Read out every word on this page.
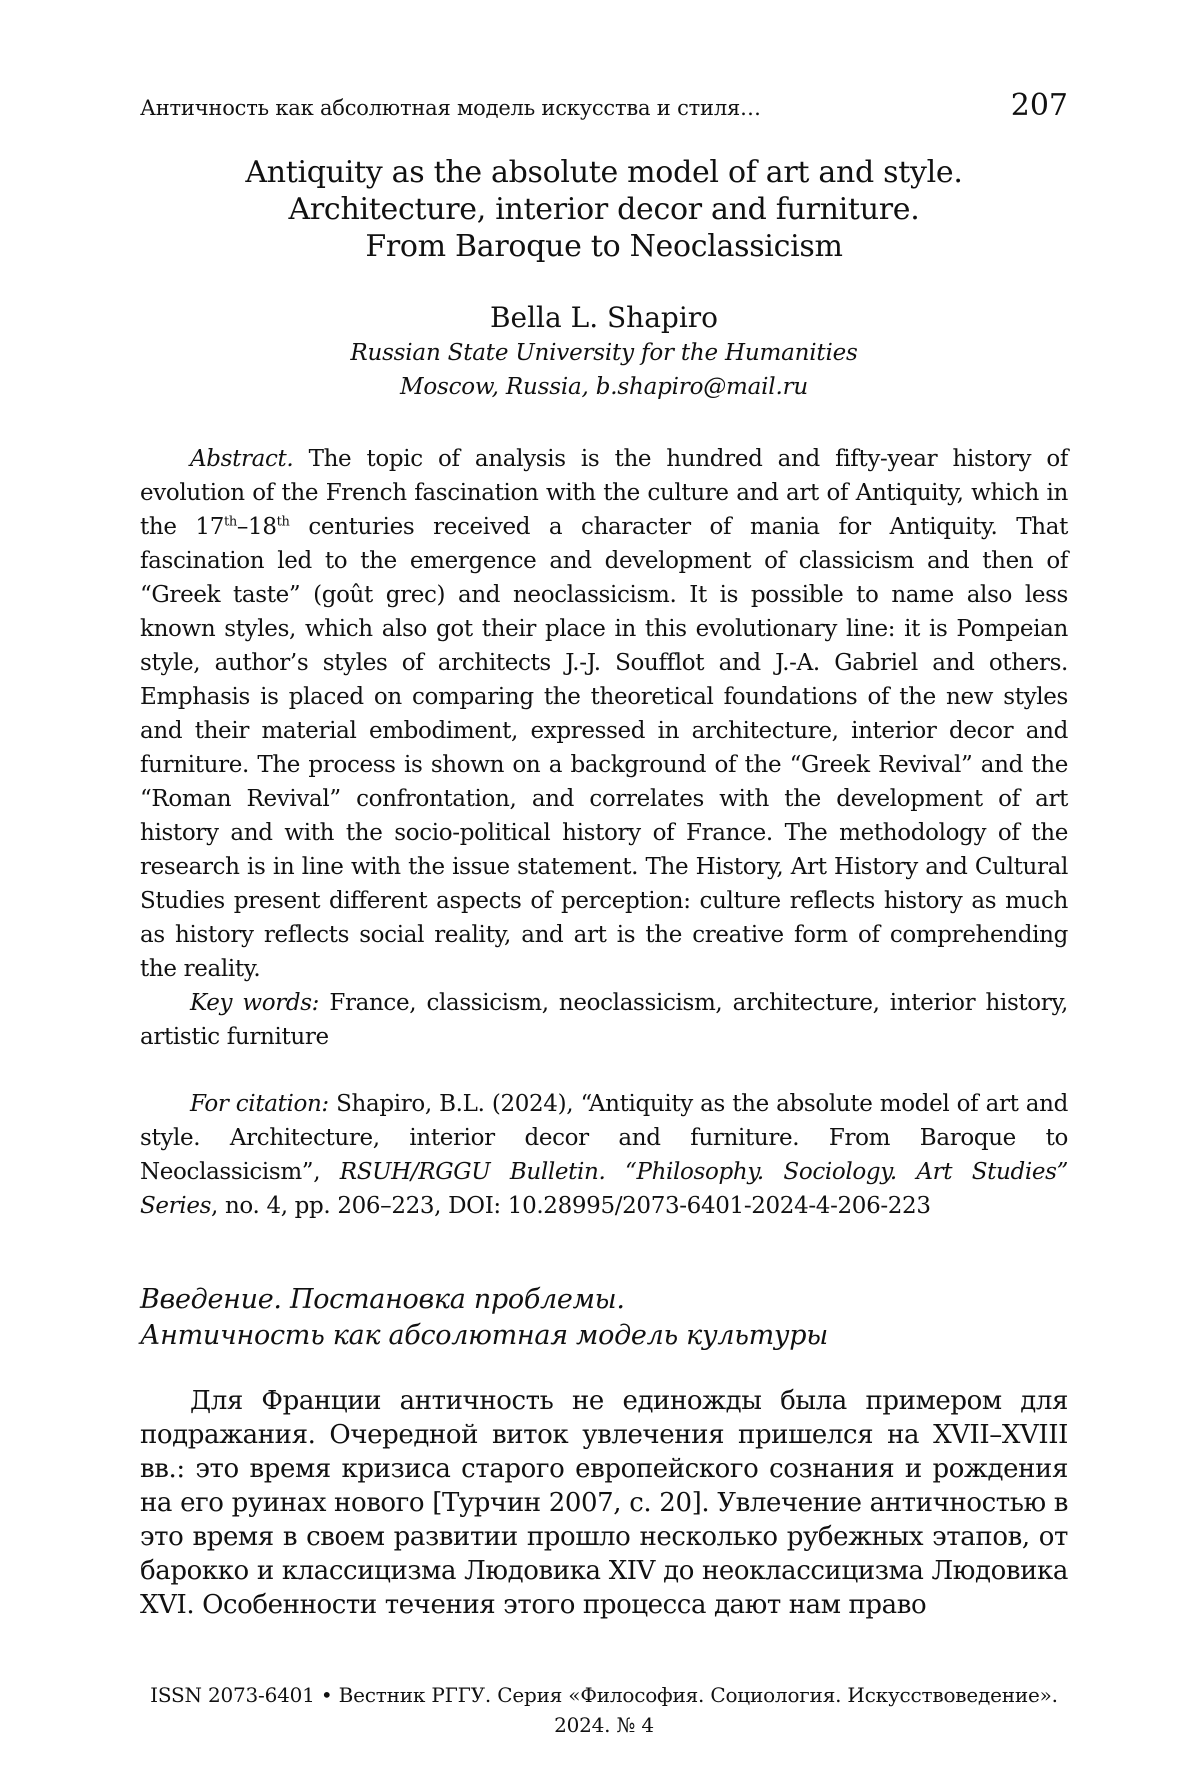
Античность как абсолютная модель искусства и стиля…	207
Antiquity as the absolute model of art and style.
Architecture, interior decor and furniture.
From Baroque to Neoclassicism
Bella L. Shapiro
Russian State University for the Humanities
Moscow, Russia, b.shapiro@mail.ru

Abstract. The topic of analysis is the hundred and fifty-year history of evolution of the French fascination with the culture and art of Antiquity, which in the 17th–18th centuries received a character of mania for Antiquity. That fascination led to the emergence and development of classicism and then of “Greek taste” (goût grec) and neoclassicism. It is possible to name also less known styles, which also got their place in this evolutionary line: it is Pompeian style, author’s styles of architects J.-J. Soufflot and J.-A. Gabriel and others. Emphasis is placed on comparing the theoretical foundations of the new styles and their material embodiment, expressed in architecture, interior decor and furniture. The process is shown on a background of the “Greek Revival” and the “Roman Revival” confrontation, and correlates with the development of art history and with the socio-political history of France. The methodology of the research is in line with the issue statement. The History, Art History and Cultural Studies present different aspects of perception: culture reflects history as much as history reflects social reality, and art is the creative form of comprehending the reality.

Key words: France, classicism, neoclassicism, architecture, interior history, artistic furniture

For citation: Shapiro, B.L. (2024), “Antiquity as the absolute model of art and style. Architecture, interior decor and furniture. From Baroque to Neoclassicism”, RSUH/RGGU Bulletin. “Philosophy. Sociology. Art Studies” Series, no. 4, pp. 206–223, DOI: 10.28995/2073-6401-2024-4-206-223

Введение. Постановка проблемы.
Античность как абсолютная модель культуры

Для Франции античность не единожды была примером для подражания. Очередной виток увлечения пришелся на XVII–XVIII вв.: это время кризиса старого европейского сознания и рождения на его руинах нового [Турчин 2007, с. 20]. Увлечение античностью в это время в своем развитии прошло несколько рубежных этапов, от барокко и классицизма Людовика XIV до неоклассицизма Людовика XVI. Особенности течения этого процесса дают нам право

ISSN 2073-6401 • Вестник РГГУ. Серия «Философия. Социология. Искусствоведение».
2024. № 4
